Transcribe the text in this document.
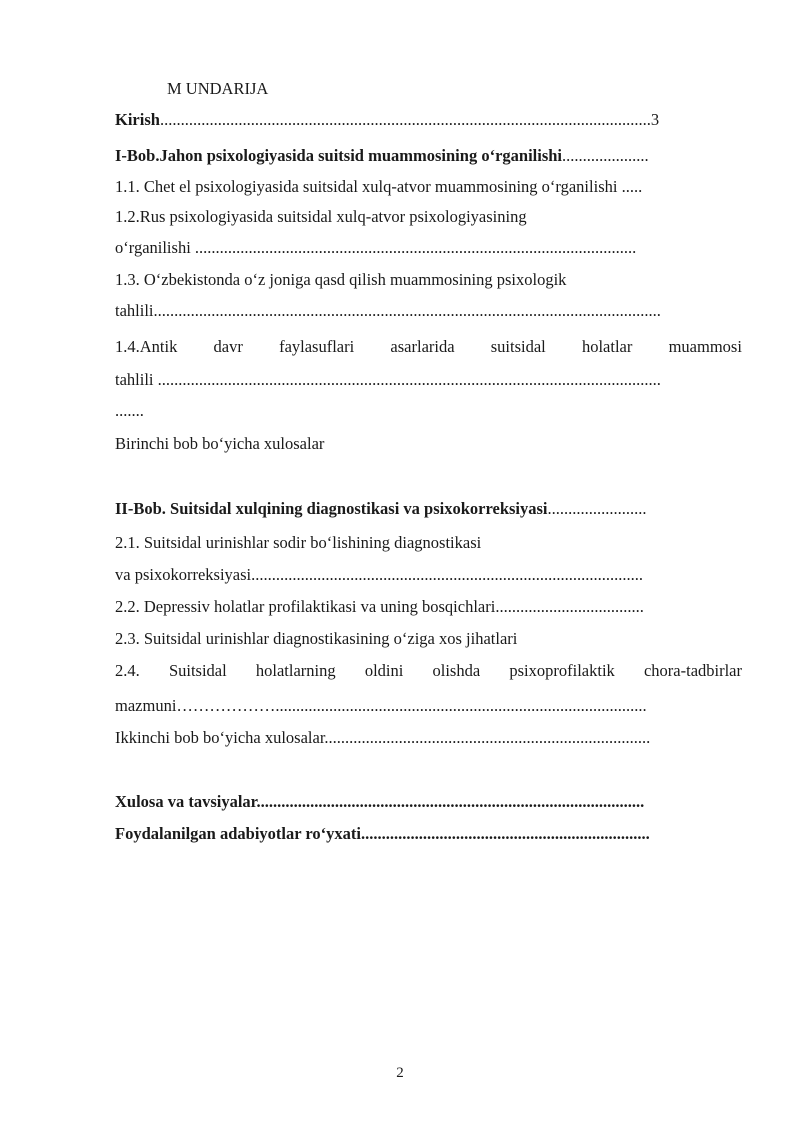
M UNDARIJA
Kirish.......................................................................................................................3
I-Bob.Jahon psixologiyasida suitsid muammosining o‘rganilishi.....................
1.1. Chet el psixologiyasida suitsidal xulq-atvor muammosining o‘rganilishi .....
1.2.Rus psixologiyasida suitsidal xulq-atvor psixologiyasining
o‘rganilishi ...........................................................................................................
1.3. O‘zbekistonda o‘z joniga qasd qilish muammosining psixologik
tahlili...........................................................................................................................
1.4.Antik davr faylasuflari asarlarida suitsidal holatlar muammosi
tahlili ..........................................................................................................................
.......
Birinchi bob bo‘yicha xulosalar
II-Bob. Suitsidal xulqining diagnostikasi va psixokorreksiyasi........................
2.1. Suitsidal urinishlar sodir bo‘lishining diagnostikasi
va psixokorreksiyasi...............................................................................................
2.2. Depressiv holatlar profilaktikasi va uning bosqichlari....................................
2.3. Suitsidal urinishlar diagnostikasining o‘ziga xos jihatlari
2.4. Suitsidal holatlarning oldini olishda psixoprofilaktik chora-tadbirlar
mazmuni………………..........................................................................................
Ikkinchi bob bo‘yicha xulosalar...............................................................................
Xulosa va tavsiyalar..............................................................................................
Foydalanilgan adabiyotlar ro‘yxati......................................................................
2
